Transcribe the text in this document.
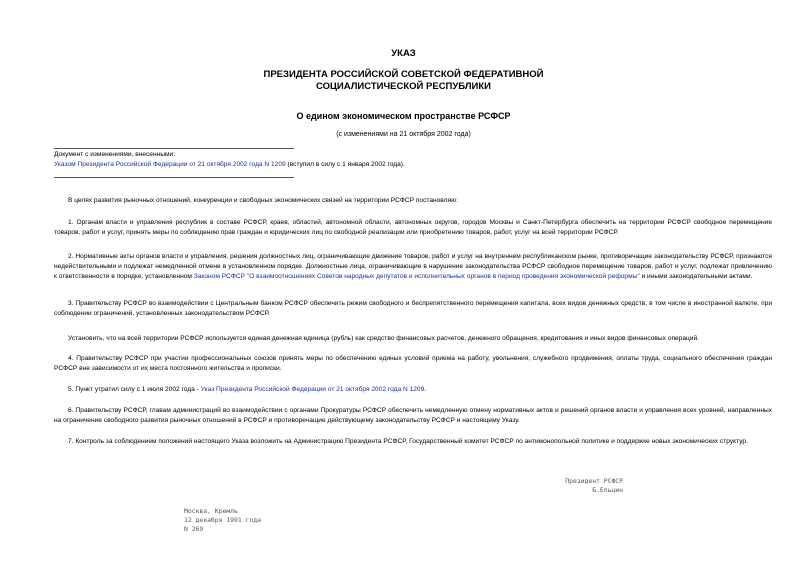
УКАЗ
ПРЕЗИДЕНТА РОССИЙСКОЙ СОВЕТСКОЙ ФЕДЕРАТИВНОЙ
СОЦИАЛИСТИЧЕСКОЙ РЕСПУБЛИКИ
О едином экономическом пространстве РСФСР
(с изменениями на 21 октября 2002 года)
Документ с изменениями, внесенными:
Указом Президента Российской Федерации от 21 октября 2002 года N 1209 (вступил в силу с 1 января 2002 года).
В целях развития рыночных отношений, конкуренции и свободных экономических связей на территории РСФСР постановляю:
1. Органам власти и управления республик в составе РСФСР, краев, областей, автономной области, автономных округов, городов Москвы и Санкт-Петербурга обеспечить на территории РСФСР свободное перемещение товаров, работ и услуг, принять меры по соблюдению прав граждан и юридических лиц по свободной реализации или приобретению товаров, работ, услуг на всей территории РСФСР.
2. Нормативные акты органов власти и управления, решения должностных лиц, ограничивающие движение товаров, работ и услуг на внутреннем республиканском рынке, противоречащие законодательству РСФСР, признаются недействительными и подлежат немедленной отмене в установленном порядке. Должностные лица, ограничивающие в нарушение законодательства РСФСР свободное перемещение товаров, работ и услуг, подлежат привлечению к ответственности в порядке, установленном Законом РСФСР "О взаимоотношениях Советов народных депутатов и исполнительных органов в период проведения экономической реформы" и иными законодательными актами.
3. Правительству РСФСР во взаимодействии с Центральным банком РСФСР обеспечить режим свободного и беспрепятственного перемещения капитала, всех видов денежных средств, в том числе в иностранной валюте, при соблюдении ограничений, установленных законодательством РСФСР.
Установить, что на всей территории РСФСР используется единая денежная единица (рубль) как средство финансовых расчетов, денежного обращения, кредитования и иных видов финансовых операций.
4. Правительству РСФСР при участии профессиональных союзов принять меры по обеспечению единых условий приема на работу, увольнения, служебного продвижения, оплаты труда, социального обеспечения граждан РСФСР вне зависимости от их места постоянного жительства и прописки.
5. Пункт утратил силу с 1 июля 2002 года - Указ Президента Российской Федерации от 21 октября 2002 года N 1209.
6. Правительству РСФСР, главам администраций во взаимодействии с органами Прокуратуры РСФСР обеспечить немедленную отмену нормативных актов и решений органов власти и управления всех уровней, направленных на ограничение свободного развития рыночных отношений в РСФСР и противоречащие действующему законодательству РСФСР и настоящему Указу.
7. Контроль за соблюдением положений настоящего Указа возложить на Администрацию Президента РСФСР, Государственный комитет РСФСР по антимонопольной политике и поддержке новых экономических структур.
Президент РСФСР
Б.Ельцин
Москва, Кремль
12 декабря 1991 года
N 269
